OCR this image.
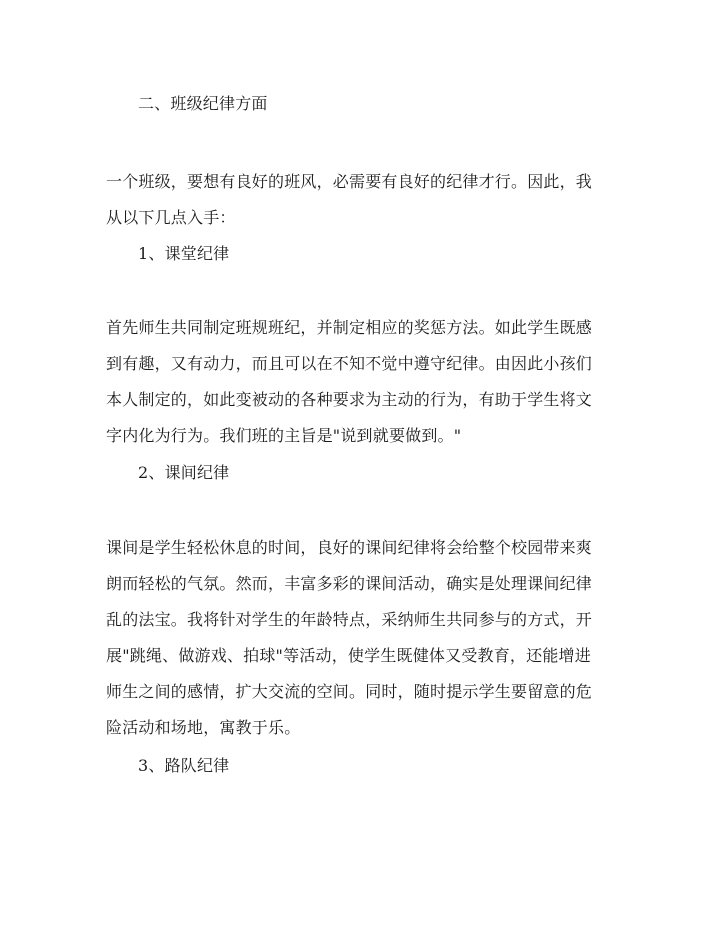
二、班级纪律方面
一个班级，要想有良好的班风，必需要有良好的纪律才行。因此，我
从以下几点入手：
1、课堂纪律
首先师生共同制定班规班纪，并制定相应的奖惩方法。如此学生既感
到有趣，又有动力，而且可以在不知不觉中遵守纪律。由因此小孩们
本人制定的，如此变被动的各种要求为主动的行为，有助于学生将文
字内化为行为。我们班的主旨是"说到就要做到。"
2、课间纪律
课间是学生轻松休息的时间，良好的课间纪律将会给整个校园带来爽
朗而轻松的气氛。然而，丰富多彩的课间活动，确实是处理课间纪律
乱的法宝。我将针对学生的年龄特点，采纳师生共同参与的方式，开
展"跳绳、做游戏、拍球"等活动，使学生既健体又受教育，还能增进
师生之间的感情，扩大交流的空间。同时，随时提示学生要留意的危
险活动和场地，寓教于乐。
3、路队纪律
